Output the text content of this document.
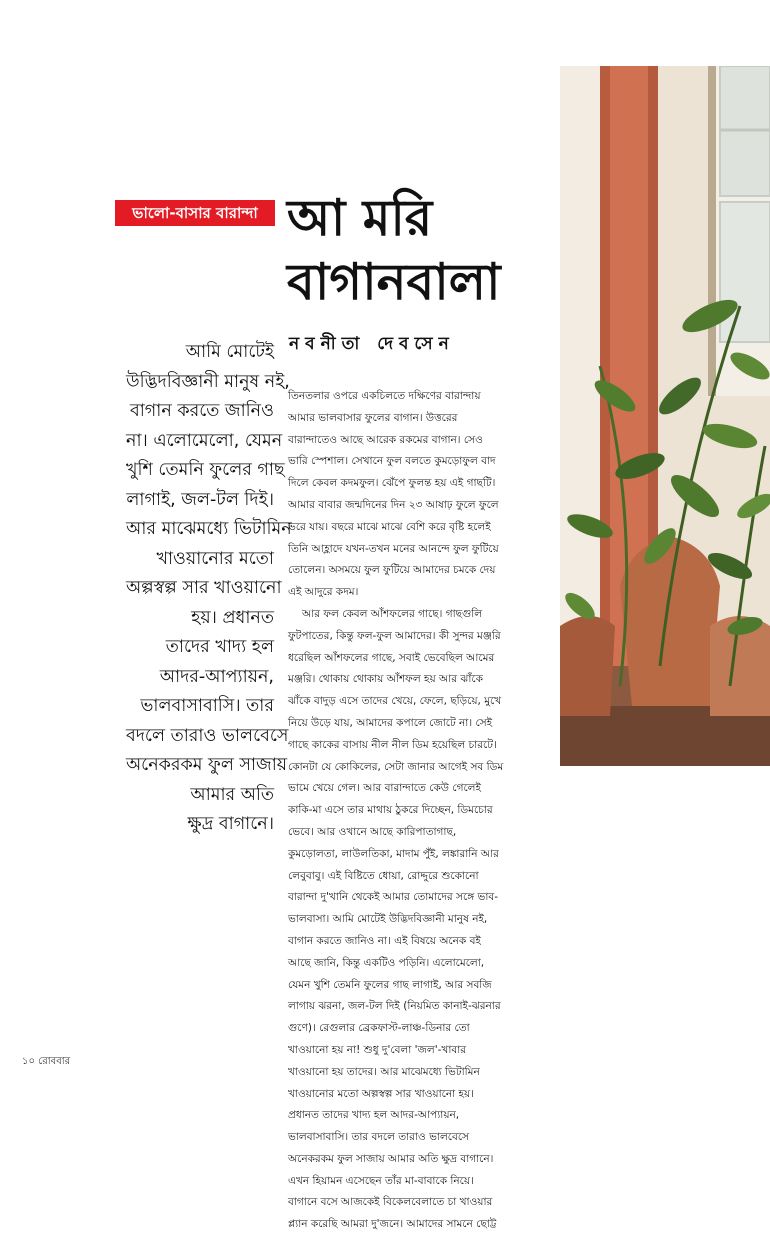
ভালো-বাসার বারান্দা আ মরি
বাগানবালা
নবনীতা দেবসেন
আমি মোটেই
উদ্ভিদবিজ্ঞানী মানুষ নই,
বাগান করতে জানিও
না। এলোমেলো, যেমন
খুশি তেমনি ফুলের গাছ
লাগাই, জল-টল দিই।
আর মাঝেমধ্যে ভিটামিন
খাওয়ানোর মতো
অল্পস্বল্প সার খাওয়ানো
হয়। প্রধানত
তাদের খাদ্য হল
আদর-আপ্যায়ন,
ভালবাসাবাসি। তার
বদলে তারাও ভালবেসে
অনেকরকম ফুল সাজায়
আমার অতি
ক্ষুদ্র বাগানে।
তিনতলার ওপরে একচিলতে দক্ষিণের বারান্দায়
আমার ভালবাসার ফুলের বাগান। উত্তরের
বারান্দাতেও আছে আরেক রকমের বাগান। সেও
ভারি স্পেশাল। সেখানে ফুল বলতে কুমড়োফুল বাদ
দিলে কেবল কদমফুল। ঝেঁপে ফুলন্ত হয় এই গাছটি।
আমার বাবার জন্মদিনের দিন ২৩ আষাঢ় ফুলে ফুলে
ভরে যায়। বছরে মাঝে মাঝে বেশি করে বৃষ্টি হলেই
তিনি আহ্লাদে যখন-তখন মনের আনন্দে ফুল ফুটিয়ে
তোলেন। অসময়ে ফুল ফুটিয়ে আমাদের চমকে দেয়
এই আদুরে কদম।
আর ফল কেবল আঁশফলের গাছে। গাছগুলি
ফুটপাতের, কিন্তু ফল-ফুল আমাদের। কী সুন্দর মঞ্জরি
ধরেছিল আঁশফলের গাছে, সবাই ভেবেছিল আমের
মঞ্জরি। থোকায় থোকায় আঁশফল হয় আর ঝাঁকে
ঝাঁকে বাদুড় এসে তাদের খেয়ে, ফেলে, ছড়িয়ে, মুখে
নিয়ে উড়ে যায়, আমাদের কপালে জোটে না। সেই
গাছে কাকের বাসায় নীল নীল ডিম হয়েছিল চারটে।
কোনটা যে কোকিলের, সেটা জানার আগেই সব ডিম
ভামে খেয়ে গেল। আর বারান্দাতে কেউ গেলেই
কাকি-মা এসে তার মাথায় ঠুকরে দিচ্ছেন, ডিমচোর
ভেবে। আর ওখানে আছে কারিপাতাগাছ,
কুমড়োলতা, লাউলতিকা, মাদাম পুঁই, লঙ্কারানি আর
লেবুবাবু। এই বিষ্টিতে ধোয়া, রোদ্দুরে শুকোনো
বারান্দা দু'খানি থেকেই আমার তোমাদের সঙ্গে ভাব-
ভালবাসা। আমি মোটেই উদ্ভিদবিজ্ঞানী মানুষ নই,
বাগান করতে জানিও না। এই বিষয়ে অনেক বই
আছে জানি, কিন্তু একটিও পড়িনি। এলোমেলো,
যেমন খুশি তেমনি ফুলের গাছ লাগাই, আর সবজি
লাগায় ঝরনা, জল-টল দিই (নিয়মিত কানাই-ঝরনার
গুণে)। রেগুলার ব্রেকফাস্ট-লাঞ্চ-ডিনার তো
খাওয়ানো হয় না! শুধু দু'বেলা 'জল'-খাবার
খাওয়ানো হয় তাদের। আর মাঝেমধ্যে ভিটামিন
খাওয়ানোর মতো অল্পস্বল্প সার খাওয়ানো হয়।
প্রধানত তাদের খাদ্য হল আদর-আপ্যায়ন,
ভালবাসাবাসি। তার বদলে তারাও ভালবেসে
অনেকরকম ফুল সাজায় আমার অতি ক্ষুদ্র বাগানে।
এখন হিয়ামন এসেছেন তাঁর মা-বাবাকে নিয়ে।
বাগানে বসে আজকেই বিকেলবেলাতে চা খাওয়ার
প্ল্যান করেছি আমরা দু'জনে। আমাদের সামনে ছোট্ট
১০ রোববার
